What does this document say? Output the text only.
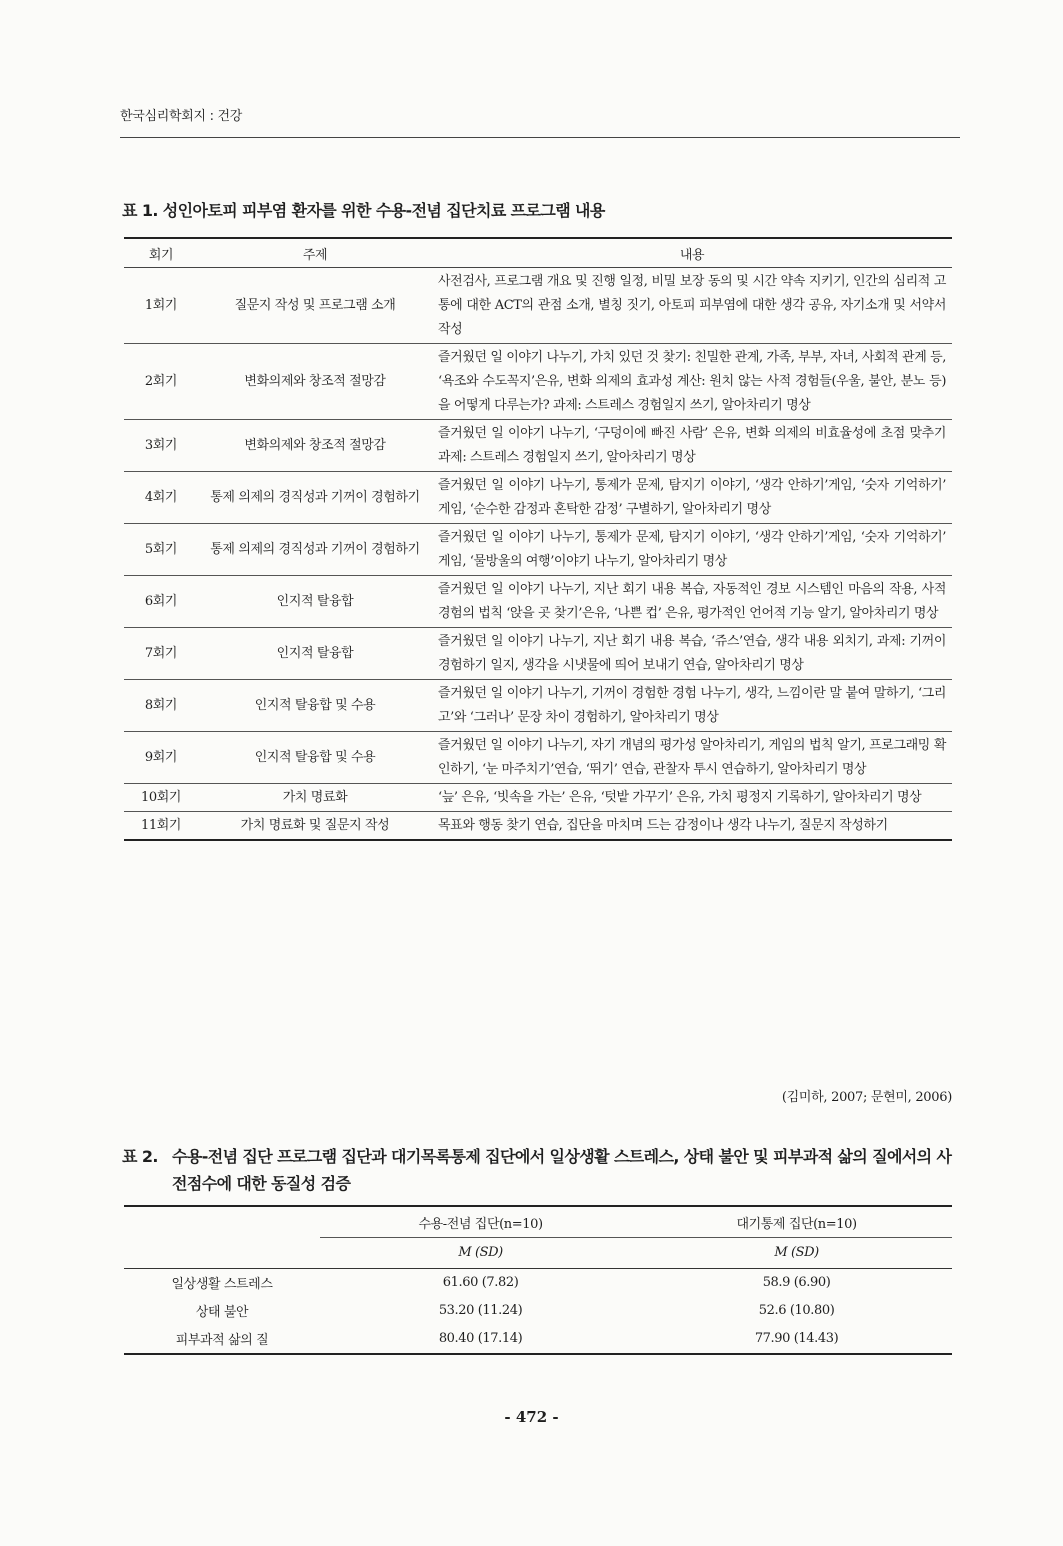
한국심리학회지 : 건강
표 1. 성인아토피 피부염 환자를 위한 수용-전념 집단치료 프로그램 내용
회기	주제	내용
1회기	질문지 작성 및 프로그램 소개	사전검사, 프로그램 개요 및 진행 일정, 비밀 보장 동의 및 시간 약속 지키기, 인간의 심리적 고통에 대한 ACT의 관점 소개, 별칭 짓기, 아토피 피부염에 대한 생각 공유, 자기소개 및 서약서 작성
2회기	변화의제와 창조적 절망감	즐거웠던 일 이야기 나누기, 가치 있던 것 찾기: 친밀한 관계, 가족, 부부, 자녀, 사회적 관계 등, ‘욕조와 수도꼭지’은유, 변화 의제의 효과성 계산: 원치 않는 사적 경험들(우울, 불안, 분노 등)을 어떻게 다루는가? 과제: 스트레스 경험일지 쓰기, 알아차리기 명상
3회기	변화의제와 창조적 절망감	즐거웠던 일 이야기 나누기, ‘구덩이에 빠진 사람’ 은유, 변화 의제의 비효율성에 초점 맞추기 과제: 스트레스 경험일지 쓰기, 알아차리기 명상
4회기	통제 의제의 경직성과 기꺼이 경험하기	즐거웠던 일 이야기 나누기, 통제가 문제, 탐지기 이야기, ‘생각 안하기’게임, ‘숫자 기억하기’ 게임, ‘순수한 감정과 혼탁한 감정’ 구별하기, 알아차리기 명상
5회기	통제 의제의 경직성과 기꺼이 경험하기	즐거웠던 일 이야기 나누기, 통제가 문제, 탐지기 이야기, ‘생각 안하기’게임, ‘숫자 기억하기’ 게임, ‘물방울의 여행’이야기 나누기, 알아차리기 명상
6회기	인지적 탈융합	즐거웠던 일 이야기 나누기, 지난 회기 내용 복습, 자동적인 경보 시스템인 마음의 작용, 사적 경험의 법칙 ‘앉을 곳 찾기’은유, ‘나쁜 컵’ 은유, 평가적인 언어적 기능 알기, 알아차리기 명상
7회기	인지적 탈융합	즐거웠던 일 이야기 나누기, 지난 회기 내용 복습, ‘쥬스’연습, 생각 내용 외치기, 과제: 기꺼이 경험하기 일지, 생각을 시냇물에 띄어 보내기 연습, 알아차리기 명상
8회기	인지적 탈융합 및 수용	즐거웠던 일 이야기 나누기, 기꺼이 경험한 경험 나누기, 생각, 느낌이란 말 붙여 말하기, ‘그리고’와 ‘그러나’ 문장 차이 경험하기, 알아차리기 명상
9회기	인지적 탈융합 및 수용	즐거웠던 일 이야기 나누기, 자기 개념의 평가성 알아차리기, 게임의 법칙 알기, 프로그래밍 확인하기, ‘눈 마주치기’연습, ‘뛰기’ 연습, 관찰자 투시 연습하기, 알아차리기 명상
10회기	가치 명료화	‘늪’ 은유, ‘빗속을 가는’ 은유, ‘텃밭 가꾸기’ 은유, 가치 평정지 기록하기, 알아차리기 명상
11회기	가치 명료화 및 질문지 작성	목표와 행동 찾기 연습, 집단을 마치며 드는 감정이나 생각 나누기, 질문지 작성하기
(김미하, 2007; 문현미, 2006)
표 2. 수용-전념 집단 프로그램 집단과 대기목록통제 집단에서 일상생활 스트레스, 상태 불안 및 피부과적 삶의 질에서의 사전점수에 대한 동질성 검증
	수용-전념 집단(n=10)		대기통제 집단(n=10)
	M (SD)		M (SD)
일상생활 스트레스	61.60 (7.82)		58.9 (6.90)
상태 불안	53.20 (11.24)		52.6 (10.80)
피부과적 삶의 질	80.40 (17.14)		77.90 (14.43)
- 472 -
